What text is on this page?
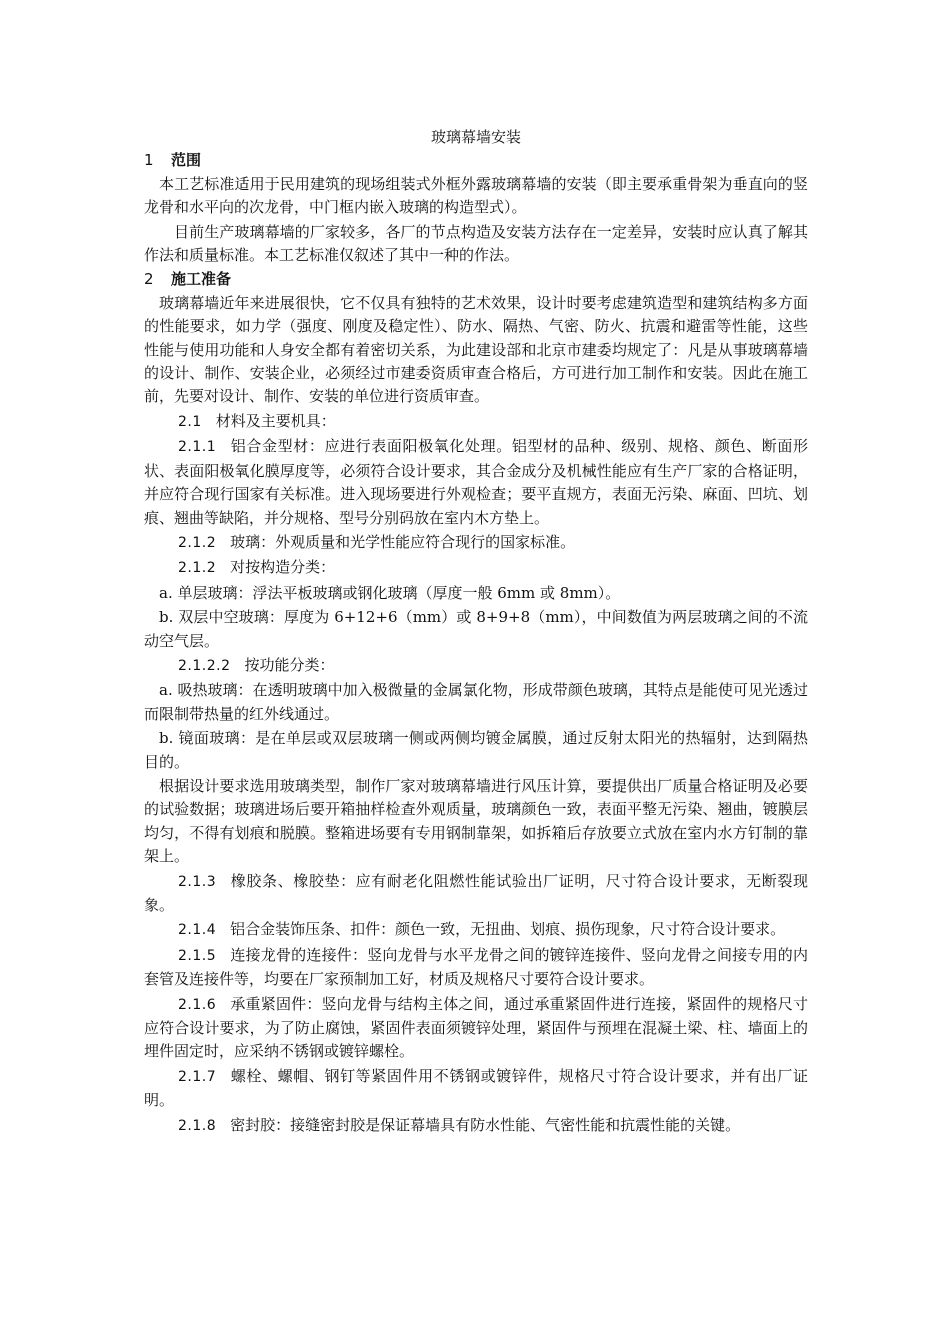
玻璃幕墙安装

1 范围

本工艺标准适用于民用建筑的现场组装式外框外露玻璃幕墙的安装（即主要承重骨架为垂直向的竖龙骨和水平向的次龙骨，中门框内嵌入玻璃的构造型式）。

目前生产玻璃幕墙的厂家较多，各厂的节点构造及安装方法存在一定差异，安装时应认真了解其作法和质量标准。本工艺标准仅叙述了其中一种的作法。

2 施工准备

玻璃幕墙近年来进展很快，它不仅具有独特的艺术效果，设计时要考虑建筑造型和建筑结构多方面的性能要求，如力学（强度、刚度及稳定性）、防水、隔热、气密、防火、抗震和避雷等性能，这些性能与使用功能和人身安全都有着密切关系，为此建设部和北京市建委均规定了：凡是从事玻璃幕墙的设计、制作、安装企业，必须经过市建委资质审查合格后，方可进行加工制作和安装。因此在施工前，先要对设计、制作、安装的单位进行资质审查。

2.1 材料及主要机具：

2.1.1 铝合金型材：应进行表面阳极氧化处理。铝型材的品种、级别、规格、颜色、断面形状、表面阳极氧化膜厚度等，必须符合设计要求，其合金成分及机械性能应有生产厂家的合格证明，并应符合现行国家有关标准。进入现场要进行外观检查；要平直规方，表面无污染、麻面、凹坑、划痕、翘曲等缺陷，并分规格、型号分别码放在室内木方垫上。

2.1.2 玻璃：外观质量和光学性能应符合现行的国家标准。

2.1.2 对按构造分类：

a. 单层玻璃：浮法平板玻璃或钢化玻璃（厚度一般 6mm 或 8mm）。

b. 双层中空玻璃：厚度为 6+12+6（mm）或 8+9+8（mm），中间数值为两层玻璃之间的不流动空气层。

2.1.2.2 按功能分类：

a. 吸热玻璃：在透明玻璃中加入极微量的金属氯化物，形成带颜色玻璃，其特点是能使可见光透过而限制带热量的红外线通过。

b. 镜面玻璃：是在单层或双层玻璃一侧或两侧均镀金属膜，通过反射太阳光的热辐射，达到隔热目的。

根据设计要求选用玻璃类型，制作厂家对玻璃幕墙进行风压计算，要提供出厂质量合格证明及必要的试验数据；玻璃进场后要开箱抽样检查外观质量，玻璃颜色一致，表面平整无污染、翘曲，镀膜层均匀，不得有划痕和脱膜。整箱进场要有专用钢制靠架，如拆箱后存放要立式放在室内水方钉制的靠架上。

2.1.3 橡胶条、橡胶垫：应有耐老化阻燃性能试验出厂证明，尺寸符合设计要求，无断裂现象。

2.1.4 铝合金装饰压条、扣件：颜色一致，无扭曲、划痕、损伤现象，尺寸符合设计要求。

2.1.5 连接龙骨的连接件：竖向龙骨与水平龙骨之间的镀锌连接件、竖向龙骨之间接专用的内套管及连接件等，均要在厂家预制加工好，材质及规格尺寸要符合设计要求。

2.1.6 承重紧固件：竖向龙骨与结构主体之间，通过承重紧固件进行连接，紧固件的规格尺寸应符合设计要求，为了防止腐蚀，紧固件表面须镀锌处理，紧固件与预埋在混凝土梁、柱、墙面上的埋件固定时，应采纳不锈钢或镀锌螺栓。

2.1.7 螺栓、螺帽、钢钉等紧固件用不锈钢或镀锌件，规格尺寸符合设计要求，并有出厂证明。

2.1.8 密封胶：接缝密封胶是保证幕墙具有防水性能、气密性能和抗震性能的关键。
